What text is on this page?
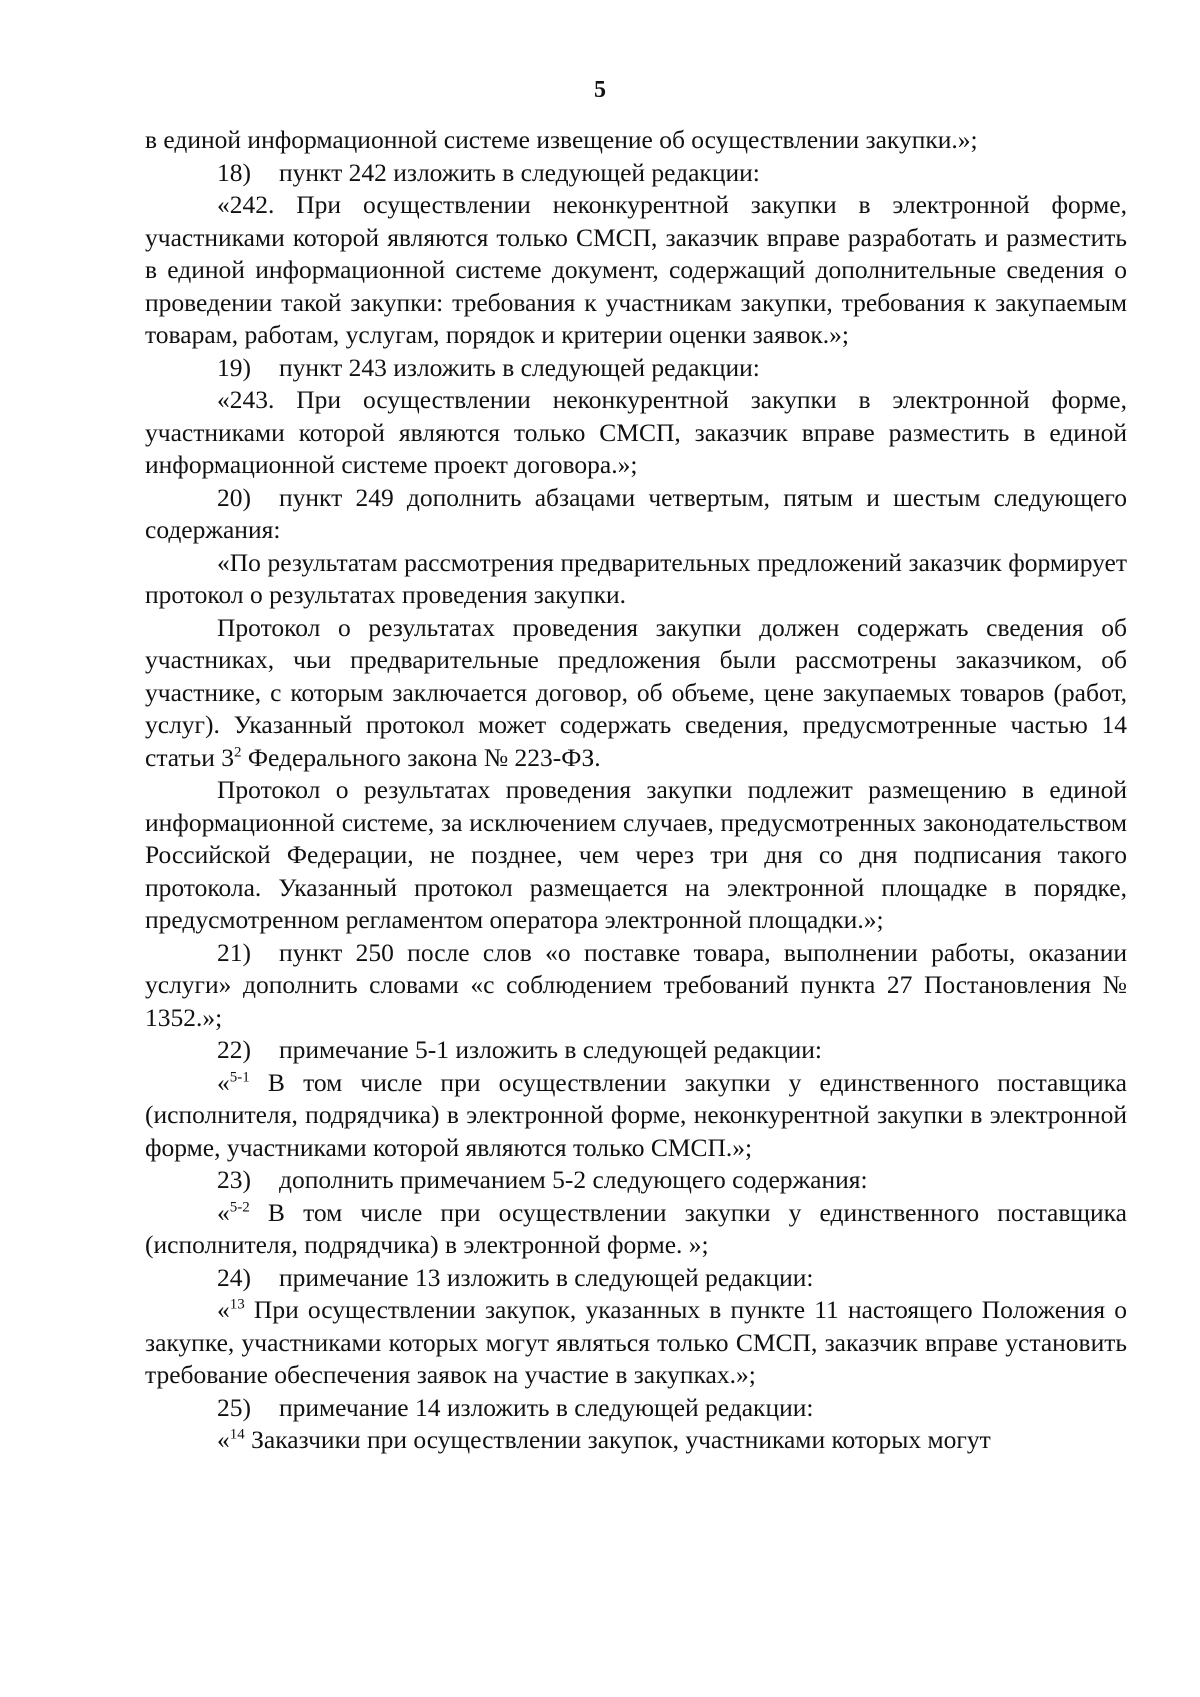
5

в единой информационной системе извещение об осуществлении закупки.»;

18) пункт 242 изложить в следующей редакции:

«242. При осуществлении неконкурентной закупки в электронной форме, участниками которой являются только СМСП, заказчик вправе разработать и разместить в единой информационной системе документ, содержащий дополнительные сведения о проведении такой закупки: требования к участникам закупки, требования к закупаемым товарам, работам, услугам, порядок и критерии оценки заявок.»;

19) пункт 243 изложить в следующей редакции:

«243. При осуществлении неконкурентной закупки в электронной форме, участниками которой являются только СМСП, заказчик вправе разместить в единой информационной системе проект договора.»;

20) пункт 249 дополнить абзацами четвертым, пятым и шестым следующего содержания:

«По результатам рассмотрения предварительных предложений заказчик формирует протокол о результатах проведения закупки.

Протокол о результатах проведения закупки должен содержать сведения об участниках, чьи предварительные предложения были рассмотрены заказчиком, об участнике, с которым заключается договор, об объеме, цене закупаемых товаров (работ, услуг). Указанный протокол может содержать сведения, предусмотренные частью 14 статьи $3^2$ Федерального закона № 223-ФЗ.

Протокол о результатах проведения закупки подлежит размещению в единой информационной системе, за исключением случаев, предусмотренных законодательством Российской Федерации, не позднее, чем через три дня со дня подписания такого протокола. Указанный протокол размещается на электронной площадке в порядке, предусмотренном регламентом оператора электронной площадки.»;

21) пункт 250 после слов «о поставке товара, выполнении работы, оказании услуги» дополнить словами «с соблюдением требований пункта 27 Постановления № 1352.»;

22) примечание 5-1 изложить в следующей редакции:

«$^{5-1}$ В том числе при осуществлении закупки у единственного поставщика (исполнителя, подрядчика) в электронной форме, неконкурентной закупки в электронной форме, участниками которой являются только СМСП.»;

23) дополнить примечанием 5-2 следующего содержания:

«$^{5-2}$ В том числе при осуществлении закупки у единственного поставщика (исполнителя, подрядчика) в электронной форме. »;

24) примечание 13 изложить в следующей редакции:

«$^{13}$ При осуществлении закупок, указанных в пункте 11 настоящего Положения о закупке, участниками которых могут являться только СМСП, заказчик вправе установить требование обеспечения заявок на участие в закупках.»;

25) примечание 14 изложить в следующей редакции:

«$^{14}$ Заказчики при осуществлении закупок, участниками которых могут
